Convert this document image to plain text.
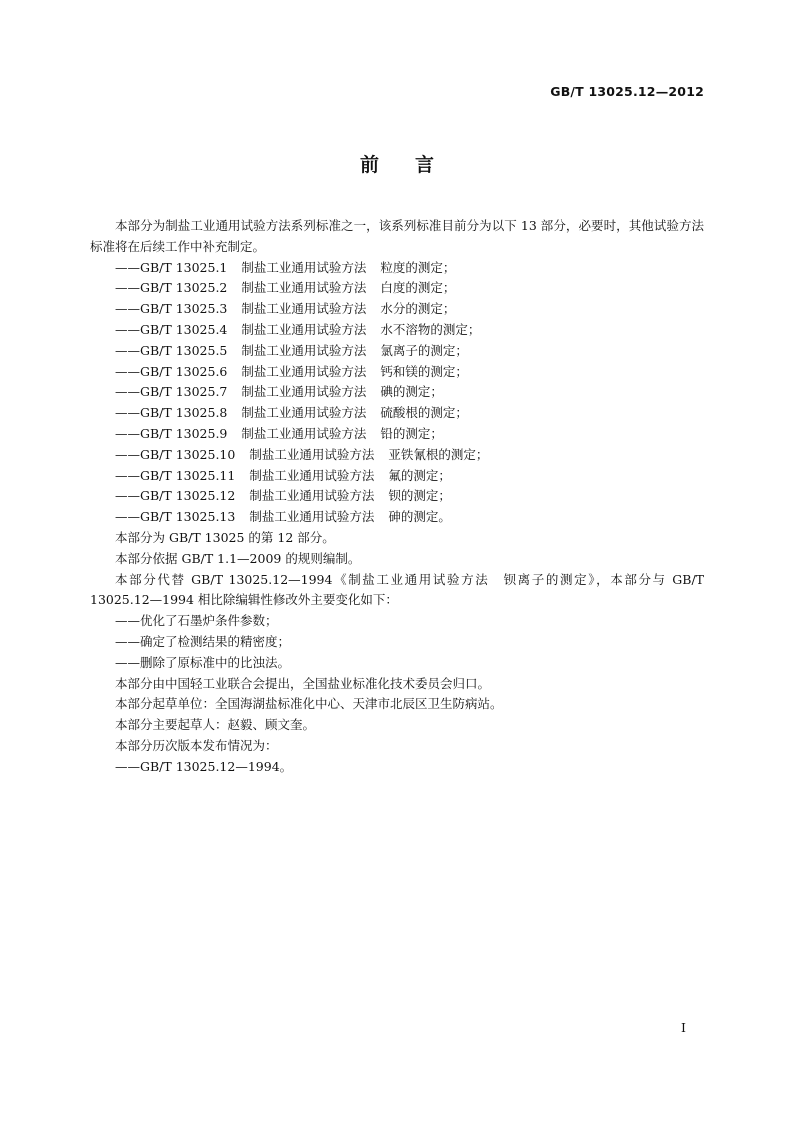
GB/T 13025.12—2012
前言

本部分为制盐工业通用试验方法系列标准之一，该系列标准目前分为以下 13 部分，必要时，其他试验方法标准将在后续工作中补充制定。

——GB/T 13025.1 制盐工业通用试验方法 粒度的测定；

——GB/T 13025.2 制盐工业通用试验方法 白度的测定；

——GB/T 13025.3 制盐工业通用试验方法 水分的测定；

——GB/T 13025.4 制盐工业通用试验方法 水不溶物的测定；

——GB/T 13025.5 制盐工业通用试验方法 氯离子的测定；

——GB/T 13025.6 制盐工业通用试验方法 钙和镁的测定；

——GB/T 13025.7 制盐工业通用试验方法 碘的测定；

——GB/T 13025.8 制盐工业通用试验方法 硫酸根的测定；

——GB/T 13025.9 制盐工业通用试验方法 铅的测定；

——GB/T 13025.10 制盐工业通用试验方法 亚铁氰根的测定；

——GB/T 13025.11 制盐工业通用试验方法 氟的测定；

——GB/T 13025.12 制盐工业通用试验方法 钡的测定；

——GB/T 13025.13 制盐工业通用试验方法 砷的测定。

本部分为 GB/T 13025 的第 12 部分。

本部分依据 GB/T 1.1—2009 的规则编制。

本部分代替 GB/T 13025.12—1994《制盐工业通用试验方法　钡离子的测定》，本部分与 GB/T 13025.12—1994 相比除编辑性修改外主要变化如下：

——优化了石墨炉条件参数；

——确定了检测结果的精密度；

——删除了原标准中的比浊法。

本部分由中国轻工业联合会提出，全国盐业标准化技术委员会归口。

本部分起草单位：全国海湖盐标准化中心、天津市北辰区卫生防病站。

本部分主要起草人：赵毅、顾文奎。

本部分历次版本发布情况为：

——GB/T 13025.12—1994。

I
